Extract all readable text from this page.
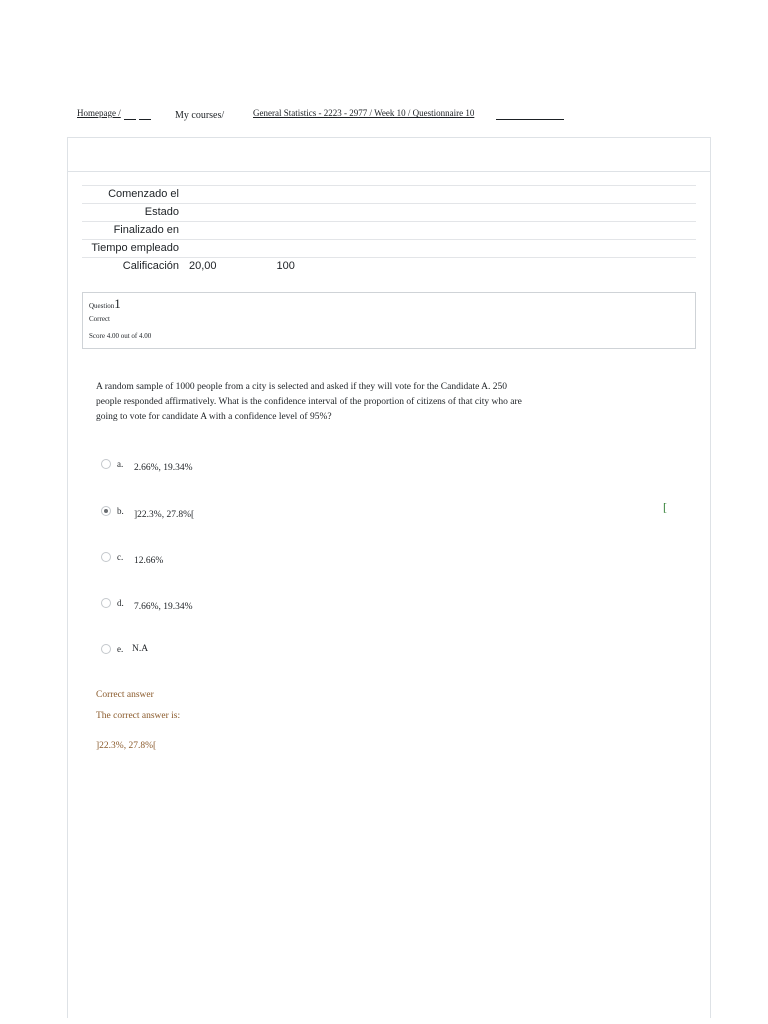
Homepage /	My courses/	General Statistics - 2223 - 2977 / Week 10 / Questionnaire 10
Comenzado el
Estado
Finalizado en
Tiempo empleado
Calificación 20,00	100
Question1
Correct
Score 4.00 out of 4.00
A random sample of 1000 people from a city is selected and asked if they will vote for the Candidate A. 250 people responded affirmatively. What is the confidence interval of the proportion of citizens of that city who are going to vote for candidate A with a confidence level of 95%?
a. 2.66%, 19.34%
b. ]22.3%, 27.8%[
c. 12.66%
d. 7.66%, 19.34%
e. N.A
[
Correct answer
The correct answer is:
]22.3%, 27.8%[
